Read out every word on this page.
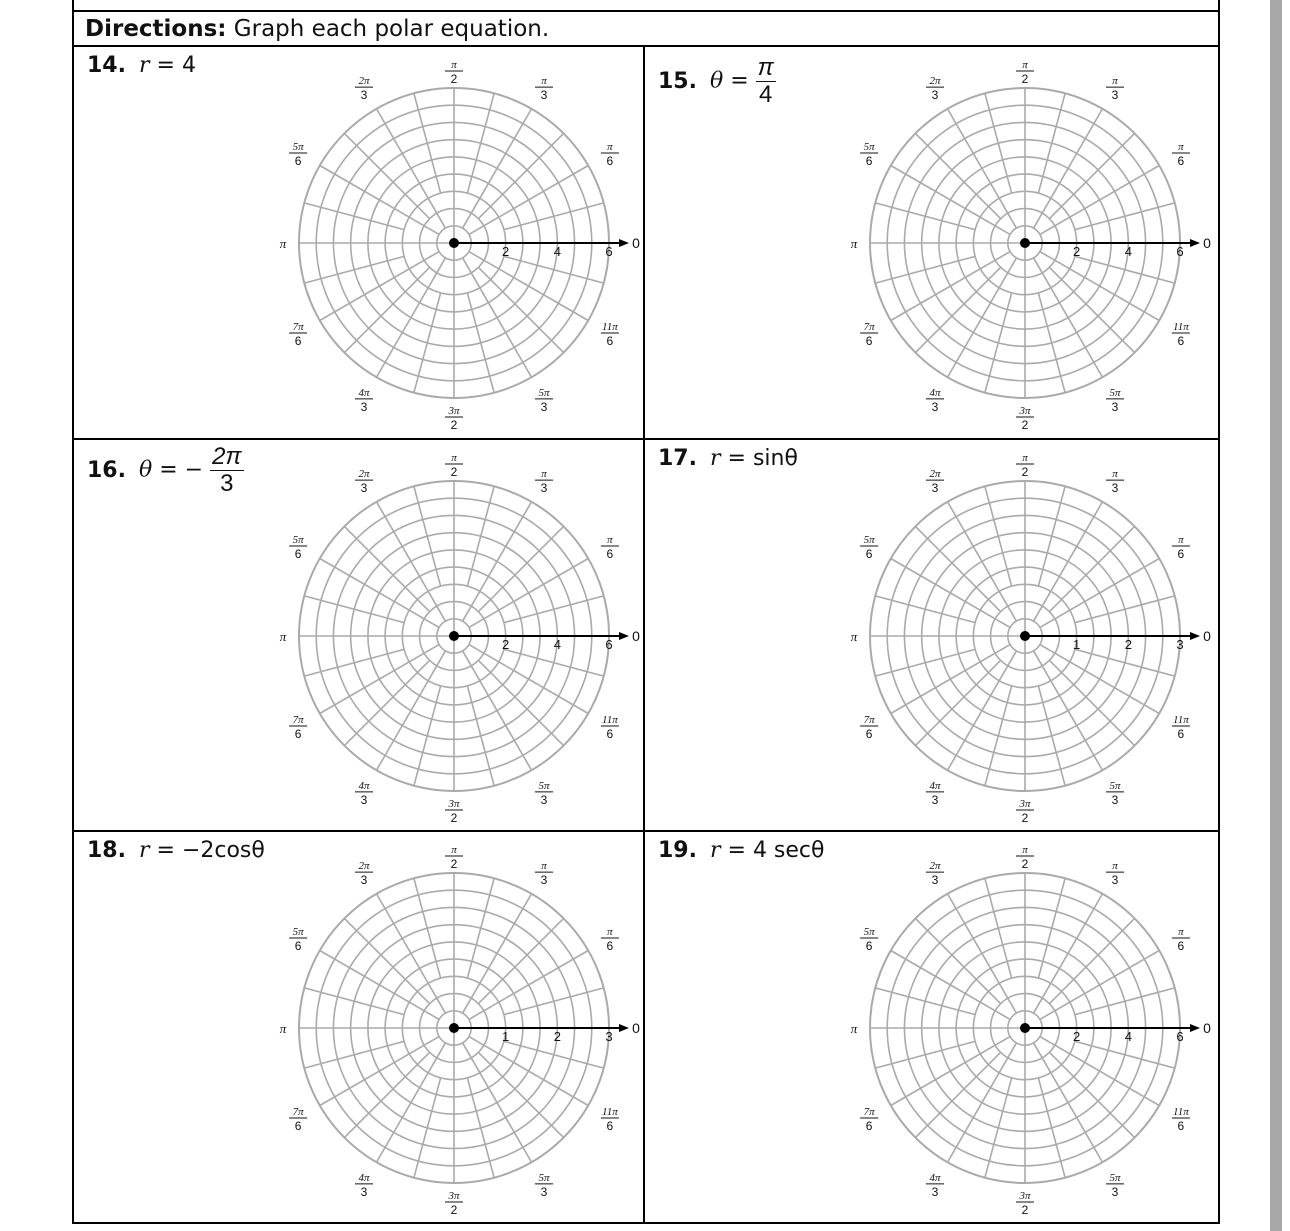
Directions: Graph each polar equation.
14. r = 4
2	4	6
π
2	π
3
π
6
0
11π
6
5π
3
3π
2
4π
3
7π
6
π
5π
6
2π
3
15. $\theta = \frac{\pi}{4}$
2	4	6
π
2	π
3
π
6
0
11π
6
5π
3
3π
2
4π
3
7π
6
π
5π
6
2π
3
16. θ = − $\frac{2\pi}{3}$
2	4	6
π
2	π
3
π
6
0
11π
6
5π
3
3π
2
4π
3
7π
6
π
5π
6
2π
3
17. r = sinθ
1	2	3
π
2	π
3
π
6
0
11π
6
5π
3
3π
2
4π
3
7π
6
π
5π
6
2π
3
18. r = −2cosθ
1	2	3
π
2	π
3
π
6
0
11π
6
5π
3
3π
2
4π
3
7π
6
π
5π
6
2π
3
19. r = 4 secθ
2	4	6
π
2	π
3
π
6
0
11π
6
5π
3
3π
2
4π
3
7π
6
π
5π
6
2π
3
